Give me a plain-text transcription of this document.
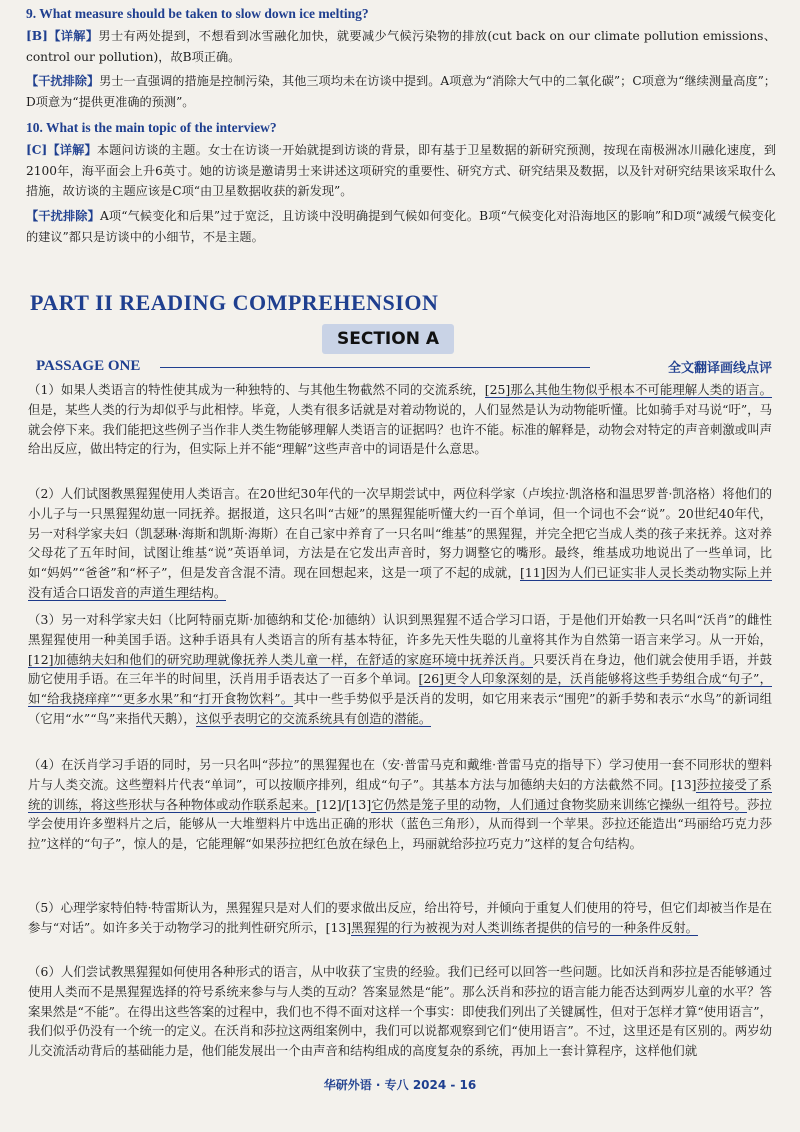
9. What measure should be taken to slow down ice melting?
[B]【详解】男士有两处提到，不想看到冰雪融化加快，就要减少气候污染物的排放(cut back on our climate pollution emissions、control our pollution)，故B项正确。
【干扰排除】男士一直强调的措施是控制污染，其他三项均未在访谈中提到。A项意为“消除大气中的二氧化碳”；C项意为“继续测量高度”；D项意为“提供更准确的预测”。
10. What is the main topic of the interview?
[C]【详解】本题问访谈的主题。女士在访谈一开始就提到访谈的背景，即有基于卫星数据的新研究预测，按现在南极洲冰川融化速度，到2100年，海平面会上升6英寸。她的访谈是邀请男士来讲述这项研究的重要性、研究方式、研究结果及数据，以及针对研究结果该采取什么措施，故访谈的主题应该是C项“由卫星数据收获的新发现”。
【干扰排除】A项“气候变化和后果”过于宽泛，且访谈中没明确提到气候如何变化。B项“气候变化对沿海地区的影响”和D项“减缓气候变化的建议”都只是访谈中的小细节，不是主题。
PART II READING COMPREHENSION
SECTION A
PASSAGE ONE	全文翻译画线点评
（1）如果人类语言的特性使其成为一种独特的、与其他生物截然不同的交流系统，[25]那么其他生物似乎根本不可能理解人类的语言。但是，某些人类的行为却似乎与此相悖。毕竟，人类有很多话就是对着动物说的，人们显然是认为动物能听懂。比如骑手对马说“吁”，马就会停下来。我们能把这些例子当作非人类生物能够理解人类语言的证据吗？也许不能。标准的解释是，动物会对特定的声音刺激或叫声给出反应，做出特定的行为，但实际上并不能“理解”这些声音中的词语是什么意思。
（2）人们试图教黑猩猩使用人类语言。在20世纪30年代的一次早期尝试中，两位科学家（卢埃拉·凯洛格和温思罗普·凯洛格）将他们的小儿子与一只黑猩猩幼崽一同抚养。据报道，这只名叫“古娅”的黑猩猩能听懂大约一百个单词，但一个词也不会“说”。20世纪40年代，另一对科学家夫妇（凯瑟琳·海斯和凯斯·海斯）在自己家中养育了一只名叫“维基”的黑猩猩，并完全把它当成人类的孩子来抚养。这对养父母花了五年时间，试图让维基“说”英语单词，方法是在它发出声音时，努力调整它的嘴形。最终，维基成功地说出了一些单词，比如“妈妈”“爸爸”和“杯子”，但是发音含混不清。现在回想起来，这是一项了不起的成就，[11]因为人们已证实非人灵长类动物实际上并没有适合口语发音的声道生理结构。
（3）另一对科学家夫妇（比阿特丽克斯·加德纳和艾伦·加德纳）认识到黑猩猩不适合学习口语，于是他们开始教一只名叫“沃肖”的雌性黑猩猩使用一种美国手语。这种手语具有人类语言的所有基本特征，许多先天性失聪的儿童将其作为自然第一语言来学习。从一开始，[12]加德纳夫妇和他们的研究助理就像抚养人类儿童一样，在舒适的家庭环境中抚养沃肖。只要沃肖在身边，他们就会使用手语，并鼓励它使用手语。在三年半的时间里，沃肖用手语表达了一百多个单词。[26]更令人印象深刻的是，沃肖能够将这些手势组合成“句子”，如“给我挠痒痒”“更多水果”和“打开食物饮料”。其中一些手势似乎是沃肖的发明，如它用来表示“围兜”的新手势和表示“水鸟”的新词组（它用“水”“鸟”来指代天鹅），这似乎表明它的交流系统具有创造的潜能。
（4）在沃肖学习手语的同时，另一只名叫“莎拉”的黑猩猩也在（安·普雷马克和戴维·普雷马克的指导下）学习使用一套不同形状的塑料片与人类交流。这些塑料片代表“单词”，可以按顺序排列，组成“句子”。其基本方法与加德纳夫妇的方法截然不同。[13]莎拉接受了系统的训练，将这些形状与各种物体或动作联系起来。[12]/[13]它仍然是笼子里的动物，人们通过食物奖励来训练它操纵一组符号。莎拉学会使用许多塑料片之后，能够从一大堆塑料片中选出正确的形状（蓝色三角形），从而得到一个苹果。莎拉还能造出“玛丽给巧克力莎拉”这样的“句子”，惊人的是，它能理解“如果莎拉把红色放在绿色上，玛丽就给莎拉巧克力”这样的复合句结构。
（5）心理学家特伯特·特雷斯认为，黑猩猩只是对人们的要求做出反应，给出符号，并倾向于重复人们使用的符号，但它们却被当作是在参与“对话”。如许多关于动物学习的批判性研究所示，[13]黑猩猩的行为被视为对人类训练者提供的信号的一种条件反射。
（6）人们尝试教黑猩猩如何使用各种形式的语言，从中收获了宝贵的经验。我们已经可以回答一些问题。比如沃肖和莎拉是否能够通过使用人类而不是黑猩猩选择的符号系统来参与与人类的互动？答案显然是“能”。那么沃肖和莎拉的语言能力能否达到两岁儿童的水平？答案果然是“不能”。在得出这些答案的过程中，我们也不得不面对这样一个事实：即使我们列出了关键属性，但对于怎样才算“使用语言”，我们似乎仍没有一个统一的定义。在沃肖和莎拉这两组案例中，我们可以说都观察到它们“使用语言”。不过，这里还是有区别的。两岁幼儿交流活动背后的基础能力是，他们能发展出一个由声音和结构组成的高度复杂的系统，再加上一套计算程序，这样他们就
华研外语 · 专八 2024 - 16
